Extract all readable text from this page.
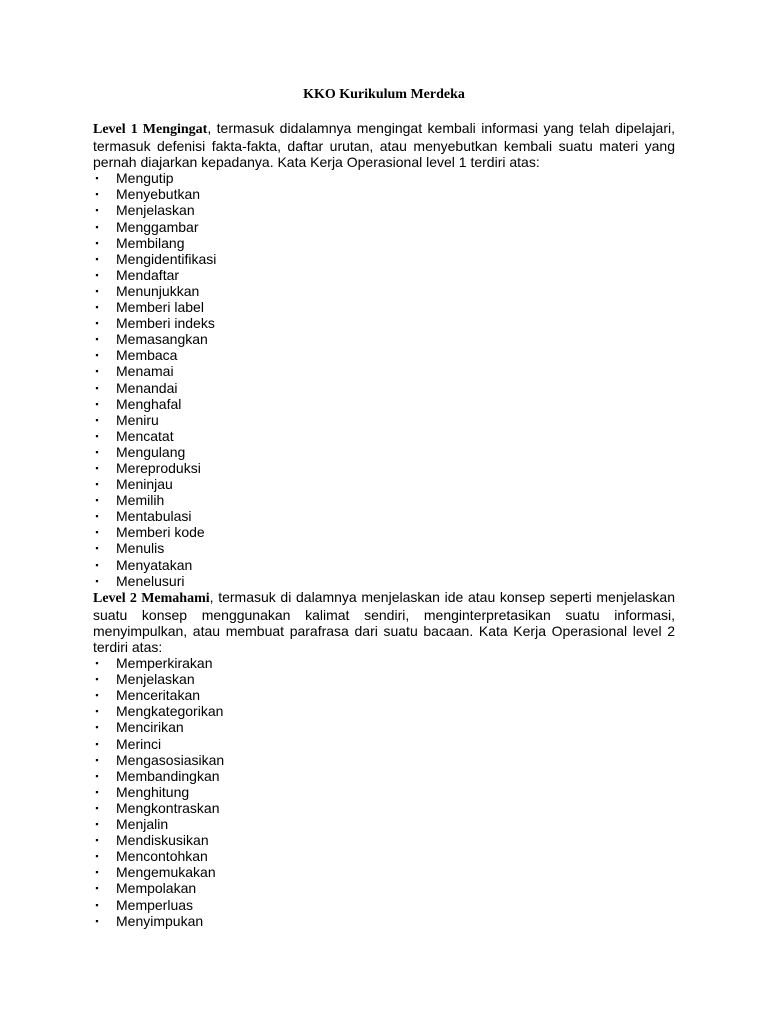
KKO Kurikulum Merdeka

Level 1 Mengingat, termasuk didalamnya mengingat kembali informasi yang telah dipelajari, termasuk defenisi fakta-fakta, daftar urutan, atau menyebutkan kembali suatu materi yang pernah diajarkan kepadanya. Kata Kerja Operasional level 1 terdiri atas:

▪ Mengutip
▪ Menyebutkan
▪ Menjelaskan
▪ Menggambar
▪ Membilang
▪ Mengidentifikasi
▪ Mendaftar
▪ Menunjukkan
▪ Memberi label
▪ Memberi indeks
▪ Memasangkan
▪ Membaca
▪ Menamai
▪ Menandai
▪ Menghafal
▪ Meniru
▪ Mencatat
▪ Mengulang
▪ Mereproduksi
▪ Meninjau
▪ Memilih
▪ Mentabulasi
▪ Memberi kode
▪ Menulis
▪ Menyatakan
▪ Menelusuri

Level 2 Memahami, termasuk di dalamnya menjelaskan ide atau konsep seperti menjelaskan suatu konsep menggunakan kalimat sendiri, menginterpretasikan suatu informasi, menyimpulkan, atau membuat parafrasa dari suatu bacaan. Kata Kerja Operasional level 2 terdiri atas:

▪ Memperkirakan
▪ Menjelaskan
▪ Menceritakan
▪ Mengkategorikan
▪ Mencirikan
▪ Merinci
▪ Mengasosiasikan
▪ Membandingkan
▪ Menghitung
▪ Mengkontraskan
▪ Menjalin
▪ Mendiskusikan
▪ Mencontohkan
▪ Mengemukakan
▪ Mempolakan
▪ Memperluas
▪ Menyimpukan
